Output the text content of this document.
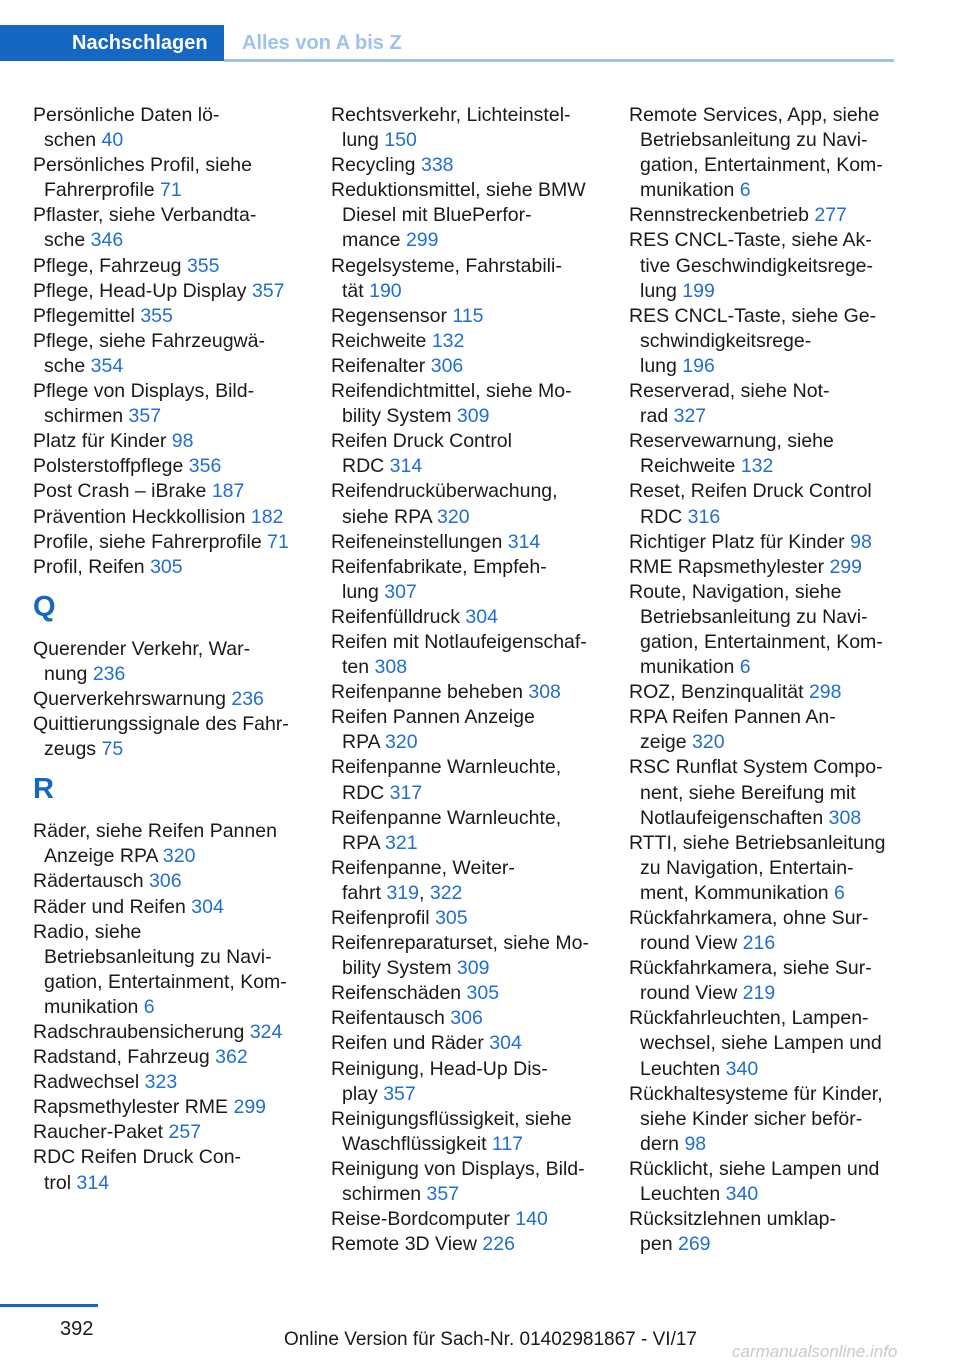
Nachschlagen	Alles von A bis Z
Persönliche Daten lö-
schen 40
Persönliches Profil, siehe
Fahrerprofile 71
Pflaster, siehe Verbandta-
sche 346
Pflege, Fahrzeug 355
Pflege, Head-Up Display 357
Pflegemittel 355
Pflege, siehe Fahrzeugwä-
sche 354
Pflege von Displays, Bild-
schirmen 357
Platz für Kinder 98
Polsterstoffpflege 356
Post Crash – iBrake 187
Prävention Heckkollision 182
Profile, siehe Fahrerprofile 71
Profil, Reifen 305
Q
Querender Verkehr, War-
nung 236
Querverkehrswarnung 236
Quittierungssignale des Fahr-
zeugs 75
R
Räder, siehe Reifen Pannen
Anzeige RPA 320
Rädertausch 306
Räder und Reifen 304
Radio, siehe
Betriebsanleitung zu Navi-
gation, Entertainment, Kom-
munikation 6
Radschraubensicherung 324
Radstand, Fahrzeug 362
Radwechsel 323
Rapsmethylester RME 299
Raucher-Paket 257
RDC Reifen Druck Con-
trol 314
Rechtsverkehr, Lichteinstel-
lung 150
Recycling 338
Reduktionsmittel, siehe BMW
Diesel mit BluePerfor-
mance 299
Regelsysteme, Fahrstabili-
tät 190
Regensensor 115
Reichweite 132
Reifenalter 306
Reifendichtmittel, siehe Mo-
bility System 309
Reifen Druck Control
RDC 314
Reifendrucküberwachung,
siehe RPA 320
Reifeneinstellungen 314
Reifenfabrikate, Empfeh-
lung 307
Reifenfülldruck 304
Reifen mit Notlaufeigenschaf-
ten 308
Reifenpanne beheben 308
Reifen Pannen Anzeige
RPA 320
Reifenpanne Warnleuchte,
RDC 317
Reifenpanne Warnleuchte,
RPA 321
Reifenpanne, Weiter-
fahrt 319, 322
Reifenprofil 305
Reifenreparaturset, siehe Mo-
bility System 309
Reifenschäden 305
Reifentausch 306
Reifen und Räder 304
Reinigung, Head-Up Dis-
play 357
Reinigungsflüssigkeit, siehe
Waschflüssigkeit 117
Reinigung von Displays, Bild-
schirmen 357
Reise-Bordcomputer 140
Remote 3D View 226
Remote Services, App, siehe
Betriebsanleitung zu Navi-
gation, Entertainment, Kom-
munikation 6
Rennstreckenbetrieb 277
RES CNCL-Taste, siehe Ak-
tive Geschwindigkeitsrege-
lung 199
RES CNCL-Taste, siehe Ge-
schwindigkeitsrege-
lung 196
Reserverad, siehe Not-
rad 327
Reservewarnung, siehe
Reichweite 132
Reset, Reifen Druck Control
RDC 316
Richtiger Platz für Kinder 98
RME Rapsmethylester 299
Route, Navigation, siehe
Betriebsanleitung zu Navi-
gation, Entertainment, Kom-
munikation 6
ROZ, Benzinqualität 298
RPA Reifen Pannen An-
zeige 320
RSC Runflat System Compo-
nent, siehe Bereifung mit
Notlaufeigenschaften 308
RTTI, siehe Betriebsanleitung
zu Navigation, Entertain-
ment, Kommunikation 6
Rückfahrkamera, ohne Sur-
round View 216
Rückfahrkamera, siehe Sur-
round View 219
Rückfahrleuchten, Lampen-
wechsel, siehe Lampen und
Leuchten 340
Rückhaltesysteme für Kinder,
siehe Kinder sicher beför-
dern 98
Rücklicht, siehe Lampen und
Leuchten 340
Rücksitzlehnen umklap-
pen 269
392	Online Version für Sach-Nr. 01402981867 - VI/17
carmanualsonline.info
